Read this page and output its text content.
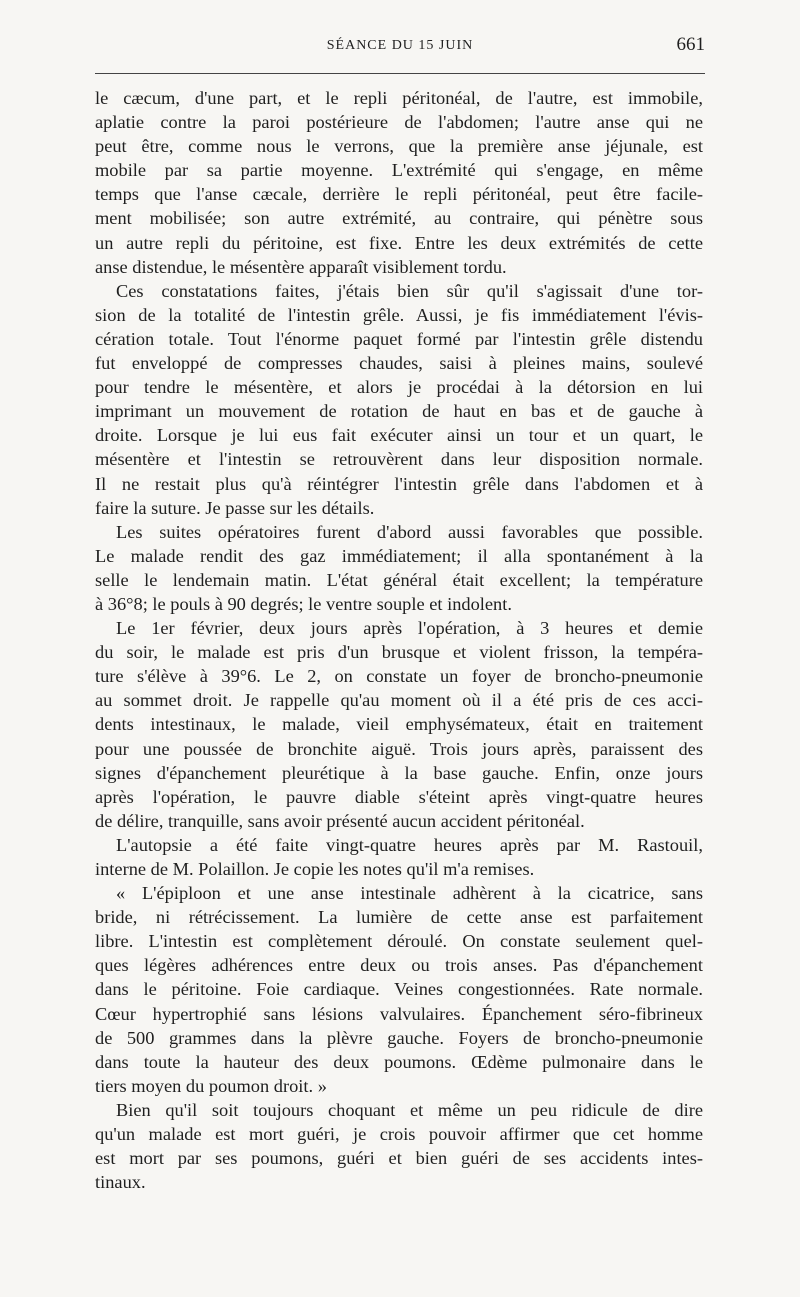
SÉANCE DU 15 JUIN	661
le cæcum, d'une part, et le repli péritonéal, de l'autre, est immobile,
aplatie contre la paroi postérieure de l'abdomen; l'autre anse qui ne
peut être, comme nous le verrons, que la première anse jéjunale, est
mobile par sa partie moyenne. L'extrémité qui s'engage, en même
temps que l'anse cæcale, derrière le repli péritonéal, peut être facile-
ment mobilisée; son autre extrémité, au contraire, qui pénètre sous
un autre repli du péritoine, est fixe. Entre les deux extrémités de cette
anse distendue, le mésentère apparaît visiblement tordu.
Ces constatations faites, j'étais bien sûr qu'il s'agissait d'une tor-
sion de la totalité de l'intestin grêle. Aussi, je fis immédiatement l'évis-
cération totale. Tout l'énorme paquet formé par l'intestin grêle distendu
fut enveloppé de compresses chaudes, saisi à pleines mains, soulevé
pour tendre le mésentère, et alors je procédai à la détorsion en lui
imprimant un mouvement de rotation de haut en bas et de gauche à
droite. Lorsque je lui eus fait exécuter ainsi un tour et un quart, le
mésentère et l'intestin se retrouvèrent dans leur disposition normale.
Il ne restait plus qu'à réintégrer l'intestin grêle dans l'abdomen et à
faire la suture. Je passe sur les détails.
Les suites opératoires furent d'abord aussi favorables que possible.
Le malade rendit des gaz immédiatement; il alla spontanément à la
selle le lendemain matin. L'état général était excellent; la température
à 36°8; le pouls à 90 degrés; le ventre souple et indolent.
Le 1er février, deux jours après l'opération, à 3 heures et demie
du soir, le malade est pris d'un brusque et violent frisson, la tempéra-
ture s'élève à 39°6. Le 2, on constate un foyer de broncho-pneumonie
au sommet droit. Je rappelle qu'au moment où il a été pris de ces acci-
dents intestinaux, le malade, vieil emphysémateux, était en traitement
pour une poussée de bronchite aiguë. Trois jours après, paraissent des
signes d'épanchement pleurétique à la base gauche. Enfin, onze jours
après l'opération, le pauvre diable s'éteint après vingt-quatre heures
de délire, tranquille, sans avoir présenté aucun accident péritonéal.
L'autopsie a été faite vingt-quatre heures après par M. Rastouil,
interne de M. Polaillon. Je copie les notes qu'il m'a remises.
« L'épiploon et une anse intestinale adhèrent à la cicatrice, sans
bride, ni rétrécissement. La lumière de cette anse est parfaitement
libre. L'intestin est complètement déroulé. On constate seulement quel-
ques légères adhérences entre deux ou trois anses. Pas d'épanchement
dans le péritoine. Foie cardiaque. Veines congestionnées. Rate normale.
Cœur hypertrophié sans lésions valvulaires. Épanchement séro-fibrineux
de 500 grammes dans la plèvre gauche. Foyers de broncho-pneumonie
dans toute la hauteur des deux poumons. Œdème pulmonaire dans le
tiers moyen du poumon droit. »
Bien qu'il soit toujours choquant et même un peu ridicule de dire
qu'un malade est mort guéri, je crois pouvoir affirmer que cet homme
est mort par ses poumons, guéri et bien guéri de ses accidents intes-
tinaux.
